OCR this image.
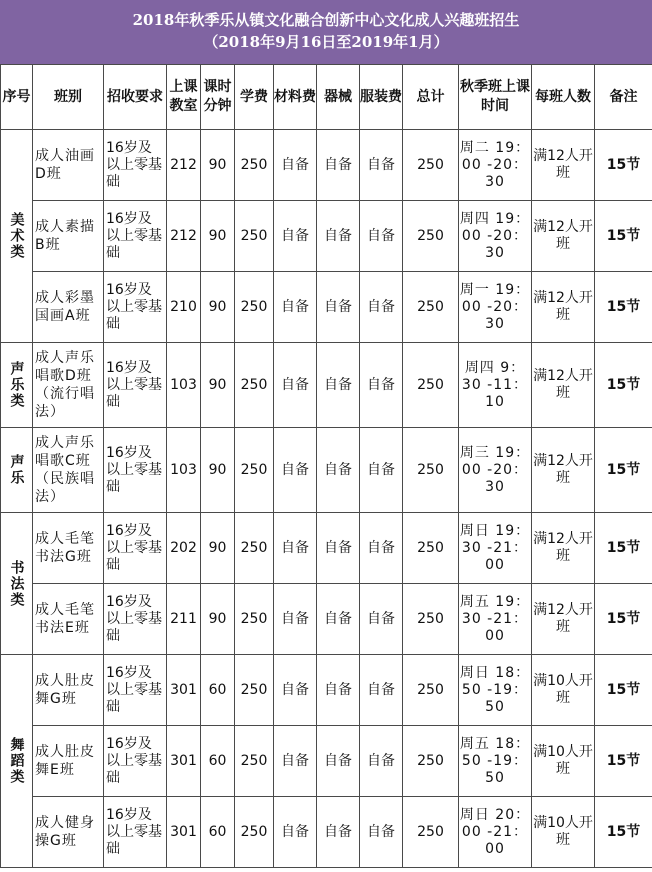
2018年秋季乐从镇文化融合创新中心文化成人兴趣班招生
（2018年9月16日至2019年1月）
序号	班别	招收要求	上课教室	课时分钟	学费	材料费	器械	服装费	总计	秋季班上课时间	每班人数	备注
美术类	成人油画D班	16岁及以上零基础	212	90	250	自备	自备	自备	250	周二 19：00 -20：30	满12人开班	15节
	成人素描B班	16岁及以上零基础	212	90	250	自备	自备	自备	250	周四 19：00 -20：30	满12人开班	15节
	成人彩墨国画A班	16岁及以上零基础	210	90	250	自备	自备	自备	250	周一 19：00 -20：30	满12人开班	15节
声乐类	成人声乐唱歌D班（流行唱法）	16岁及以上零基础	103	90	250	自备	自备	自备	250	周四 9：30 -11：10	满12人开班	15节
声乐	成人声乐唱歌C班（民族唱法）	16岁及以上零基础	103	90	250	自备	自备	自备	250	周三 19：00 -20：30	满12人开班	15节
书法类	成人毛笔书法G班	16岁及以上零基础	202	90	250	自备	自备	自备	250	周日 19：30 -21：00	满12人开班	15节
	成人毛笔书法E班	16岁及以上零基础	211	90	250	自备	自备	自备	250	周五 19：30 -21：00	满12人开班	15节
舞蹈类	成人肚皮舞G班	16岁及以上零基础	301	60	250	自备	自备	自备	250	周日 18：50 -19：50	满10人开班	15节
	成人肚皮舞E班	16岁及以上零基础	301	60	250	自备	自备	自备	250	周五 18：50 -19：50	满10人开班	15节
	成人健身操G班	16岁及以上零基础	301	60	250	自备	自备	自备	250	周日 20：00 -21：00	满10人开班	15节
